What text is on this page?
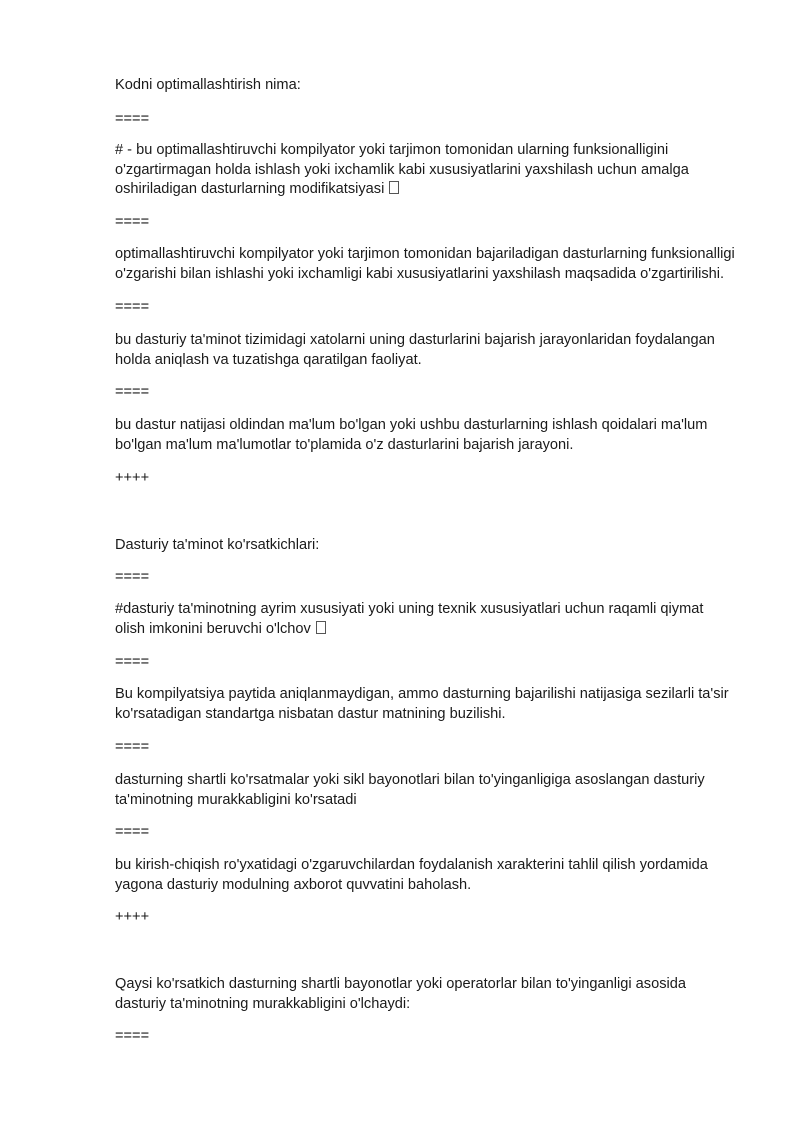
Kodni optimallashtirish nima:

====

# - bu optimallashtiruvchi kompilyator yoki tarjimon tomonidan ularning funksionalligini
o'zgartirmagan holda ishlash yoki ixchamlik kabi xususiyatlarini yaxshilash uchun amalga
oshiriladigan dasturlarning modifikatsiyasi

====

optimallashtiruvchi kompilyator yoki tarjimon tomonidan bajariladigan dasturlarning funksionalligi
o'zgarishi bilan ishlashi yoki ixchamligi kabi xususiyatlarini yaxshilash maqsadida o'zgartirilishi.

====

bu dasturiy ta'minot tizimidagi xatolarni uning dasturlarini bajarish jarayonlaridan foydalangan
holda aniqlash va tuzatishga qaratilgan faoliyat.

====

bu dastur natijasi oldindan ma'lum bo'lgan yoki ushbu dasturlarning ishlash qoidalari ma'lum
bo'lgan ma'lum ma'lumotlar to'plamida o'z dasturlarini bajarish jarayoni.

++++

Dasturiy ta'minot ko'rsatkichlari:

====

#dasturiy ta'minotning ayrim xususiyati yoki uning texnik xususiyatlari uchun raqamli qiymat
olish imkonini beruvchi o'lchov

====

Bu kompilyatsiya paytida aniqlanmaydigan, ammo dasturning bajarilishi natijasiga sezilarli ta'sir
ko'rsatadigan standartga nisbatan dastur matnining buzilishi.

====

dasturning shartli ko'rsatmalar yoki sikl bayonotlari bilan to'yinganligiga asoslangan dasturiy
ta'minotning murakkabligini ko'rsatadi

====

bu kirish-chiqish ro'yxatidagi o'zgaruvchilardan foydalanish xarakterini tahlil qilish yordamida
yagona dasturiy modulning axborot quvvatini baholash.

++++

Qaysi ko'rsatkich dasturning shartli bayonotlar yoki operatorlar bilan to'yinganligi asosida
dasturiy ta'minotning murakkabligini o'lchaydi:

====
